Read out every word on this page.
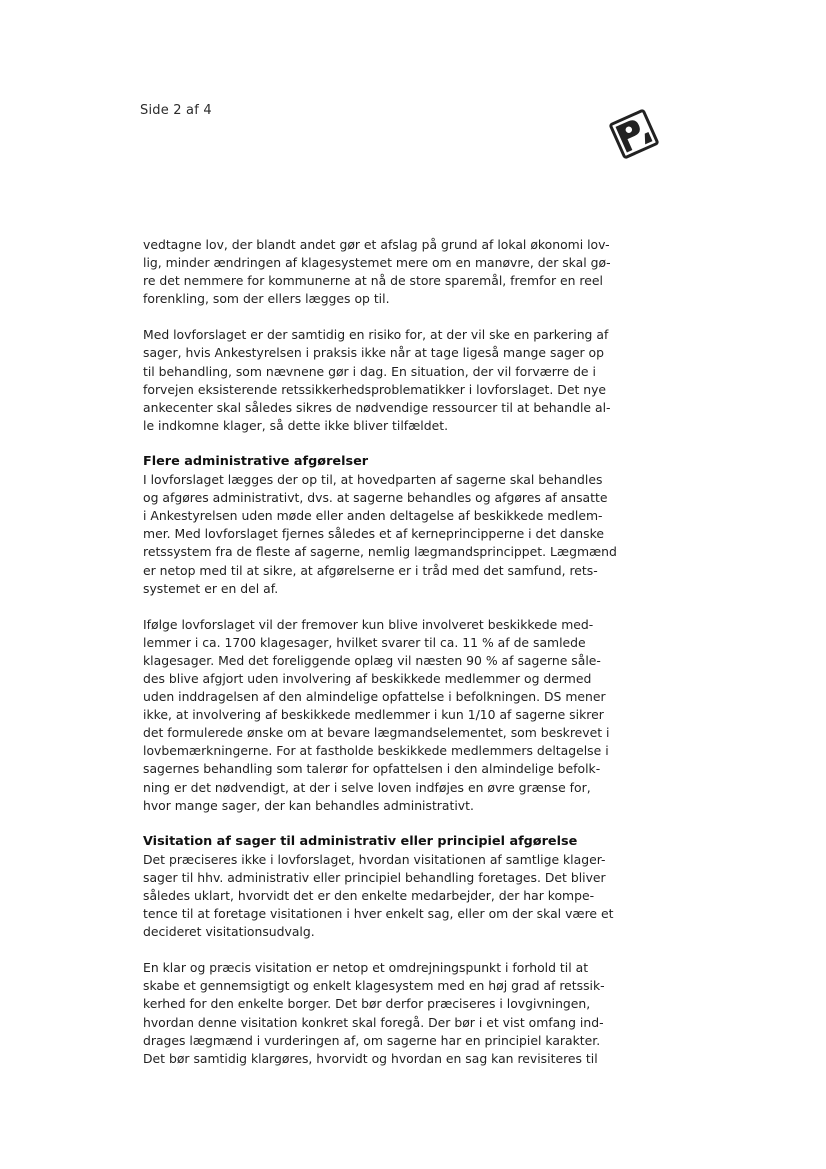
Side 2 af 4
vedtagne lov, der blandt andet gør et afslag på grund af lokal økonomi lov-
lig, minder ændringen af klagesystemet mere om en manøvre, der skal gø-
re det nemmere for kommunerne at nå de store sparemål, fremfor en reel
forenkling, som der ellers lægges op til.
Med lovforslaget er der samtidig en risiko for, at der vil ske en parkering af
sager, hvis Ankestyrelsen i praksis ikke når at tage ligeså mange sager op
til behandling, som nævnene gør i dag. En situation, der vil forværre de i
forvejen eksisterende retssikkerhedsproblematikker i lovforslaget. Det nye
ankecenter skal således sikres de nødvendige ressourcer til at behandle al-
le indkomne klager, så dette ikke bliver tilfældet.
Flere administrative afgørelser
I lovforslaget lægges der op til, at hovedparten af sagerne skal behandles
og afgøres administrativt, dvs. at sagerne behandles og afgøres af ansatte
i Ankestyrelsen uden møde eller anden deltagelse af beskikkede medlem-
mer. Med lovforslaget fjernes således et af kerneprincipperne i det danske
retssystem fra de fleste af sagerne, nemlig lægmandsprincippet. Lægmænd
er netop med til at sikre, at afgørelserne er i tråd med det samfund, rets-
systemet er en del af.
Ifølge lovforslaget vil der fremover kun blive involveret beskikkede med-
lemmer i ca. 1700 klagesager, hvilket svarer til ca. 11 % af de samlede
klagesager. Med det foreliggende oplæg vil næsten 90 % af sagerne såle-
des blive afgjort uden involvering af beskikkede medlemmer og dermed
uden inddragelsen af den almindelige opfattelse i befolkningen. DS mener
ikke, at involvering af beskikkede medlemmer i kun 1/10 af sagerne sikrer
det formulerede ønske om at bevare lægmandselementet, som beskrevet i
lovbemærkningerne. For at fastholde beskikkede medlemmers deltagelse i
sagernes behandling som talerør for opfattelsen i den almindelige befolk-
ning er det nødvendigt, at der i selve loven indføjes en øvre grænse for,
hvor mange sager, der kan behandles administrativt.
Visitation af sager til administrativ eller principiel afgørelse
Det præciseres ikke i lovforslaget, hvordan visitationen af samtlige klager-
sager til hhv. administrativ eller principiel behandling foretages. Det bliver
således uklart, hvorvidt det er den enkelte medarbejder, der har kompe-
tence til at foretage visitationen i hver enkelt sag, eller om der skal være et
decideret visitationsudvalg.
En klar og præcis visitation er netop et omdrejningspunkt i forhold til at
skabe et gennemsigtigt og enkelt klagesystem med en høj grad af retssik-
kerhed for den enkelte borger. Det bør derfor præciseres i lovgivningen,
hvordan denne visitation konkret skal foregå. Der bør i et vist omfang ind-
drages lægmænd i vurderingen af, om sagerne har en principiel karakter.
Det bør samtidig klargøres, hvorvidt og hvordan en sag kan revisiteres til
